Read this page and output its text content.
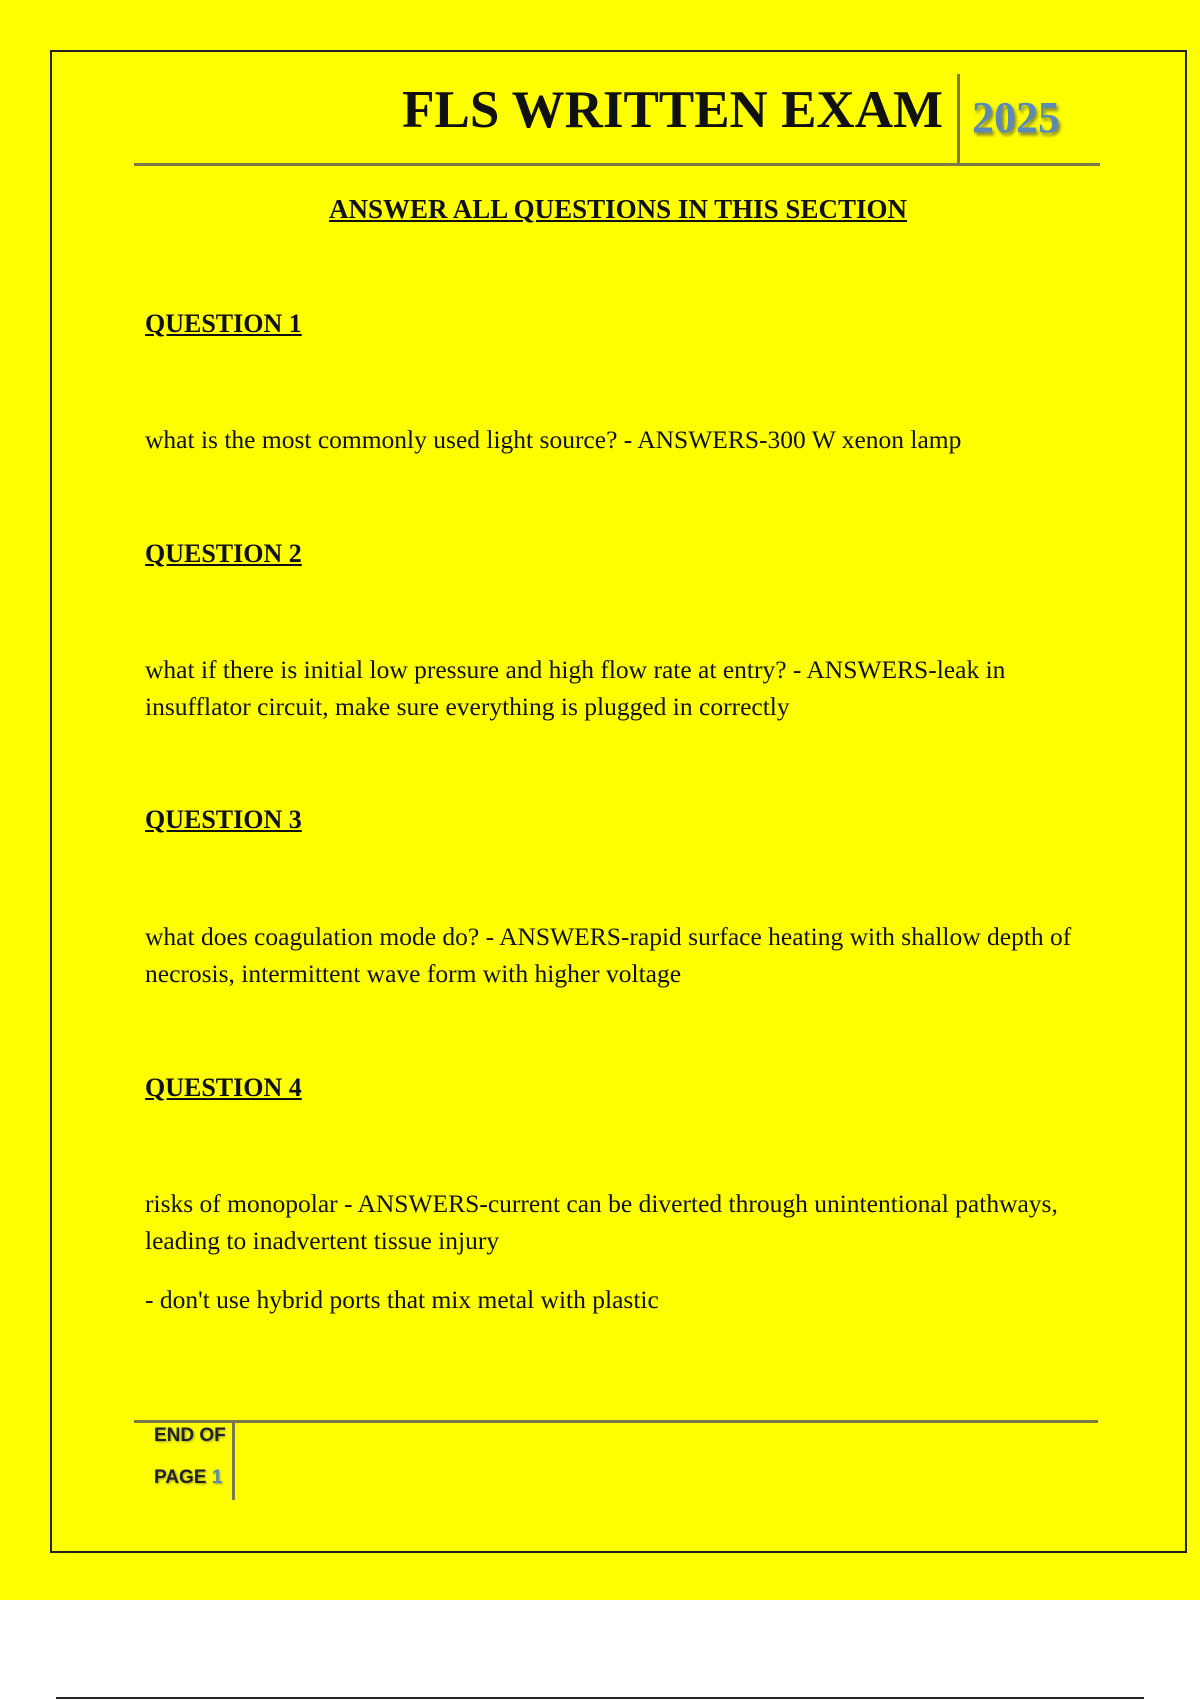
FLS WRITTEN EXAM 2025
ANSWER ALL QUESTIONS IN THIS SECTION
QUESTION 1
what is the most commonly used light source? - ANSWERS-300 W xenon lamp
QUESTION 2
what if there is initial low pressure and high flow rate at entry? - ANSWERS-leak in insufflator circuit, make sure everything is plugged in correctly
QUESTION 3
what does coagulation mode do? - ANSWERS-rapid surface heating with shallow depth of necrosis, intermittent wave form with higher voltage
QUESTION 4
risks of monopolar - ANSWERS-current can be diverted through unintentional pathways, leading to inadvertent tissue injury
- don't use hybrid ports that mix metal with plastic
END OF
PAGE 1
